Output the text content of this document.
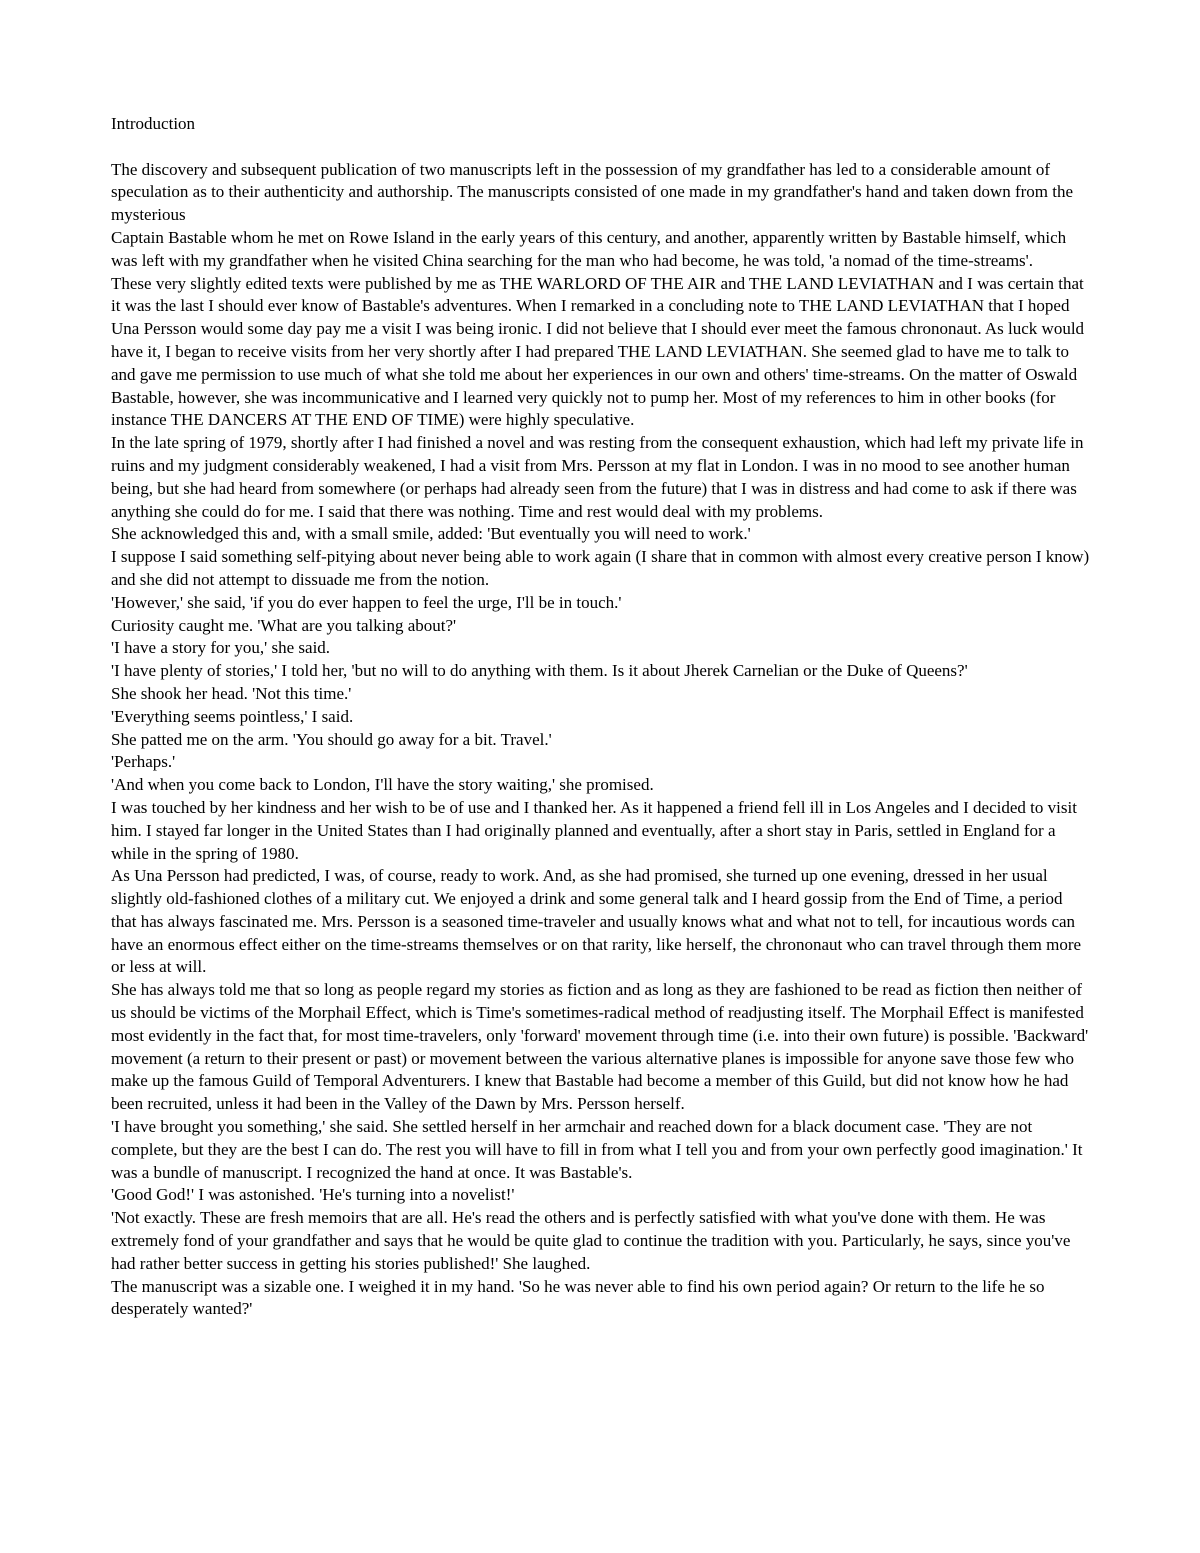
Introduction

The discovery and subsequent publication of two manuscripts left in the possession of my grandfather has led to a considerable amount of speculation as to their authenticity and authorship. The manuscripts consisted of one made in my grandfather's hand and taken down from the mysterious

Captain Bastable whom he met on Rowe Island in the early years of this century, and another, apparently written by Bastable himself, which was left with my grandfather when he visited China searching for the man who had become, he was told, 'a nomad of the time-streams'.

These very slightly edited texts were published by me as THE WARLORD OF THE AIR and THE LAND LEVIATHAN and I was certain that it was the last I should ever know of Bastable's adventures. When I remarked in a concluding note to THE LAND LEVIATHAN that I hoped Una Persson would some day pay me a visit I was being ironic. I did not believe that I should ever meet the famous chrononaut. As luck would have it, I began to receive visits from her very shortly after I had prepared THE LAND LEVIATHAN. She seemed glad to have me to talk to and gave me permission to use much of what she told me about her experiences in our own and others' time-streams. On the matter of Oswald Bastable, however, she was incommunicative and I learned very quickly not to pump her. Most of my references to him in other books (for instance THE DANCERS AT THE END OF TIME) were highly speculative.

In the late spring of 1979, shortly after I had finished a novel and was resting from the consequent exhaustion, which had left my private life in ruins and my judgment considerably weakened, I had a visit from Mrs. Persson at my flat in London. I was in no mood to see another human being, but she had heard from somewhere (or perhaps had already seen from the future) that I was in distress and had come to ask if there was anything she could do for me. I said that there was nothing. Time and rest would deal with my problems.

She acknowledged this and, with a small smile, added: 'But eventually you will need to work.'

I suppose I said something self-pitying about never being able to work again (I share that in common with almost every creative person I know) and she did not attempt to dissuade me from the notion.

'However,' she said, 'if you do ever happen to feel the urge, I'll be in touch.'

Curiosity caught me. 'What are you talking about?'

'I have a story for you,' she said.

'I have plenty of stories,' I told her, 'but no will to do anything with them. Is it about Jherek Carnelian or the Duke of Queens?'

She shook her head. 'Not this time.'

'Everything seems pointless,' I said.

She patted me on the arm. 'You should go away for a bit. Travel.'

'Perhaps.'

'And when you come back to London, I'll have the story waiting,' she promised.

I was touched by her kindness and her wish to be of use and I thanked her. As it happened a friend fell ill in Los Angeles and I decided to visit him. I stayed far longer in the United States than I had originally planned and eventually, after a short stay in Paris, settled in England for a while in the spring of 1980.

As Una Persson had predicted, I was, of course, ready to work. And, as she had promised, she turned up one evening, dressed in her usual slightly old-fashioned clothes of a military cut. We enjoyed a drink and some general talk and I heard gossip from the End of Time, a period that has always fascinated me. Mrs. Persson is a seasoned time-traveler and usually knows what and what not to tell, for incautious words can have an enormous effect either on the time-streams themselves or on that rarity, like herself, the chrononaut who can travel through them more or less at will.

She has always told me that so long as people regard my stories as fiction and as long as they are fashioned to be read as fiction then neither of us should be victims of the Morphail Effect, which is Time's sometimes-radical method of readjusting itself. The Morphail Effect is manifested most evidently in the fact that, for most time-travelers, only 'forward' movement through time (i.e. into their own future) is possible. 'Backward' movement (a return to their present or past) or movement between the various alternative planes is impossible for anyone save those few who make up the famous Guild of Temporal Adventurers. I knew that Bastable had become a member of this Guild, but did not know how he had been recruited, unless it had been in the Valley of the Dawn by Mrs. Persson herself.

'I have brought you something,' she said. She settled herself in her armchair and reached down for a black document case. 'They are not complete, but they are the best I can do. The rest you will have to fill in from what I tell you and from your own perfectly good imagination.' It was a bundle of manuscript. I recognized the hand at once. It was Bastable's.

'Good God!' I was astonished. 'He's turning into a novelist!'

'Not exactly. These are fresh memoirs that are all. He's read the others and is perfectly satisfied with what you've done with them. He was extremely fond of your grandfather and says that he would be quite glad to continue the tradition with you. Particularly, he says, since you've had rather better success in getting his stories published!' She laughed.

The manuscript was a sizable one. I weighed it in my hand. 'So he was never able to find his own period again? Or return to the life he so desperately wanted?'
